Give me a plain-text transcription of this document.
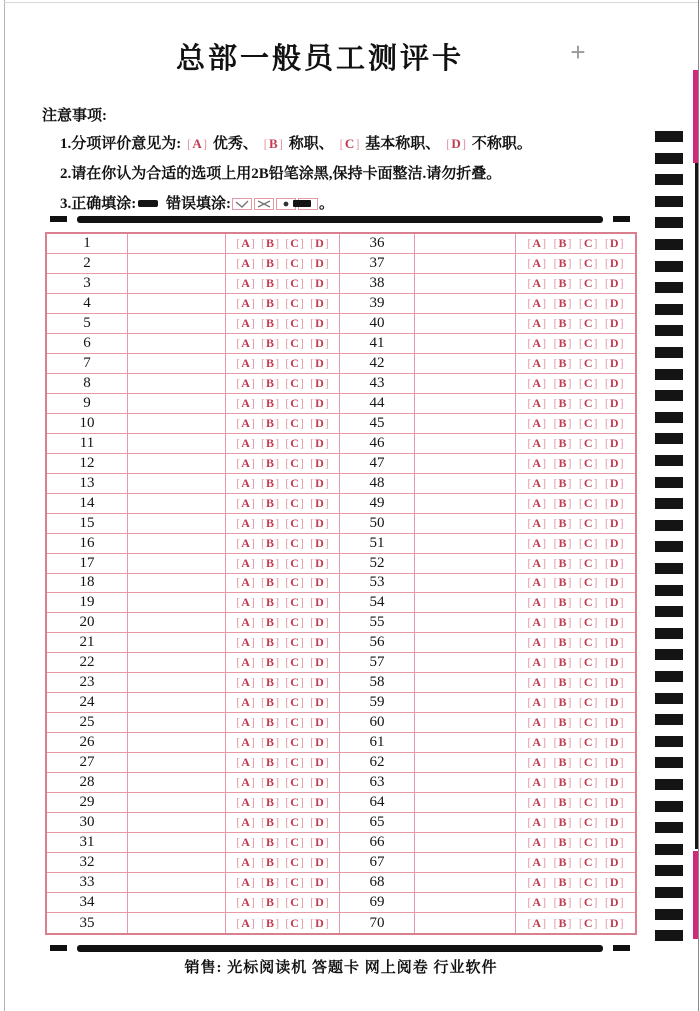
总部一般员工测评卡	+
注意事项:
1.分项评价意见为: [ A ] 优秀、 [ B ] 称职、 [ C ] 基本称职、 [ D ] 不称职。
2.请在你认为合适的选项上用2B铅笔涂黑,保持卡面整洁.请勿折叠。
3.正确填涂: 错误填涂:	。
1	[ A ]	[ B ]	[ C ]	[ D ]	36	[ A ]	[ B ]	[ C ]	[ D ]
2	[ A ]	[ B ]	[ C ]	[ D ]	37	[ A ]	[ B ]	[ C ]	[ D ]
3	[ A ]	[ B ]	[ C ]	[ D ]	38	[ A ]	[ B ]	[ C ]	[ D ]
4	[ A ]	[ B ]	[ C ]	[ D ]	39	[ A ]	[ B ]	[ C ]	[ D ]
5	[ A ]	[ B ]	[ C ]	[ D ]	40	[ A ]	[ B ]	[ C ]	[ D ]
6	[ A ]	[ B ]	[ C ]	[ D ]	41	[ A ]	[ B ]	[ C ]	[ D ]
7	[ A ]	[ B ]	[ C ]	[ D ]	42	[ A ]	[ B ]	[ C ]	[ D ]
8	[ A ]	[ B ]	[ C ]	[ D ]	43	[ A ]	[ B ]	[ C ]	[ D ]
9	[ A ]	[ B ]	[ C ]	[ D ]	44	[ A ]	[ B ]	[ C ]	[ D ]
10	[ A ]	[ B ]	[ C ]	[ D ]	45	[ A ]	[ B ]	[ C ]	[ D ]
11	[ A ]	[ B ]	[ C ]	[ D ]	46	[ A ]	[ B ]	[ C ]	[ D ]
12	[ A ]	[ B ]	[ C ]	[ D ]	47	[ A ]	[ B ]	[ C ]	[ D ]
13	[ A ]	[ B ]	[ C ]	[ D ]	48	[ A ]	[ B ]	[ C ]	[ D ]
14	[ A ]	[ B ]	[ C ]	[ D ]	49	[ A ]	[ B ]	[ C ]	[ D ]
15	[ A ]	[ B ]	[ C ]	[ D ]	50	[ A ]	[ B ]	[ C ]	[ D ]
16	[ A ]	[ B ]	[ C ]	[ D ]	51	[ A ]	[ B ]	[ C ]	[ D ]
17	[ A ]	[ B ]	[ C ]	[ D ]	52	[ A ]	[ B ]	[ C ]	[ D ]
18	[ A ]	[ B ]	[ C ]	[ D ]	53	[ A ]	[ B ]	[ C ]	[ D ]
19	[ A ]	[ B ]	[ C ]	[ D ]	54	[ A ]	[ B ]	[ C ]	[ D ]
20	[ A ]	[ B ]	[ C ]	[ D ]	55	[ A ]	[ B ]	[ C ]	[ D ]
21	[ A ]	[ B ]	[ C ]	[ D ]	56	[ A ]	[ B ]	[ C ]	[ D ]
22	[ A ]	[ B ]	[ C ]	[ D ]	57	[ A ]	[ B ]	[ C ]	[ D ]
23	[ A ]	[ B ]	[ C ]	[ D ]	58	[ A ]	[ B ]	[ C ]	[ D ]
24	[ A ]	[ B ]	[ C ]	[ D ]	59	[ A ]	[ B ]	[ C ]	[ D ]
25	[ A ]	[ B ]	[ C ]	[ D ]	60	[ A ]	[ B ]	[ C ]	[ D ]
26	[ A ]	[ B ]	[ C ]	[ D ]	61	[ A ]	[ B ]	[ C ]	[ D ]
27	[ A ]	[ B ]	[ C ]	[ D ]	62	[ A ]	[ B ]	[ C ]	[ D ]
28	[ A ]	[ B ]	[ C ]	[ D ]	63	[ A ]	[ B ]	[ C ]	[ D ]
29	[ A ]	[ B ]	[ C ]	[ D ]	64	[ A ]	[ B ]	[ C ]	[ D ]
30	[ A ]	[ B ]	[ C ]	[ D ]	65	[ A ]	[ B ]	[ C ]	[ D ]
31	[ A ]	[ B ]	[ C ]	[ D ]	66	[ A ]	[ B ]	[ C ]	[ D ]
32	[ A ]	[ B ]	[ C ]	[ D ]	67	[ A ]	[ B ]	[ C ]	[ D ]
33	[ A ]	[ B ]	[ C ]	[ D ]	68	[ A ]	[ B ]	[ C ]	[ D ]
34	[ A ]	[ B ]	[ C ]	[ D ]	69	[ A ]	[ B ]	[ C ]	[ D ]
35	[ A ]	[ B ]	[ C ]	[ D ]	70	[ A ]	[ B ]	[ C ]	[ D ]
销售: 光标阅读机 答题卡 网上阅卷 行业软件
